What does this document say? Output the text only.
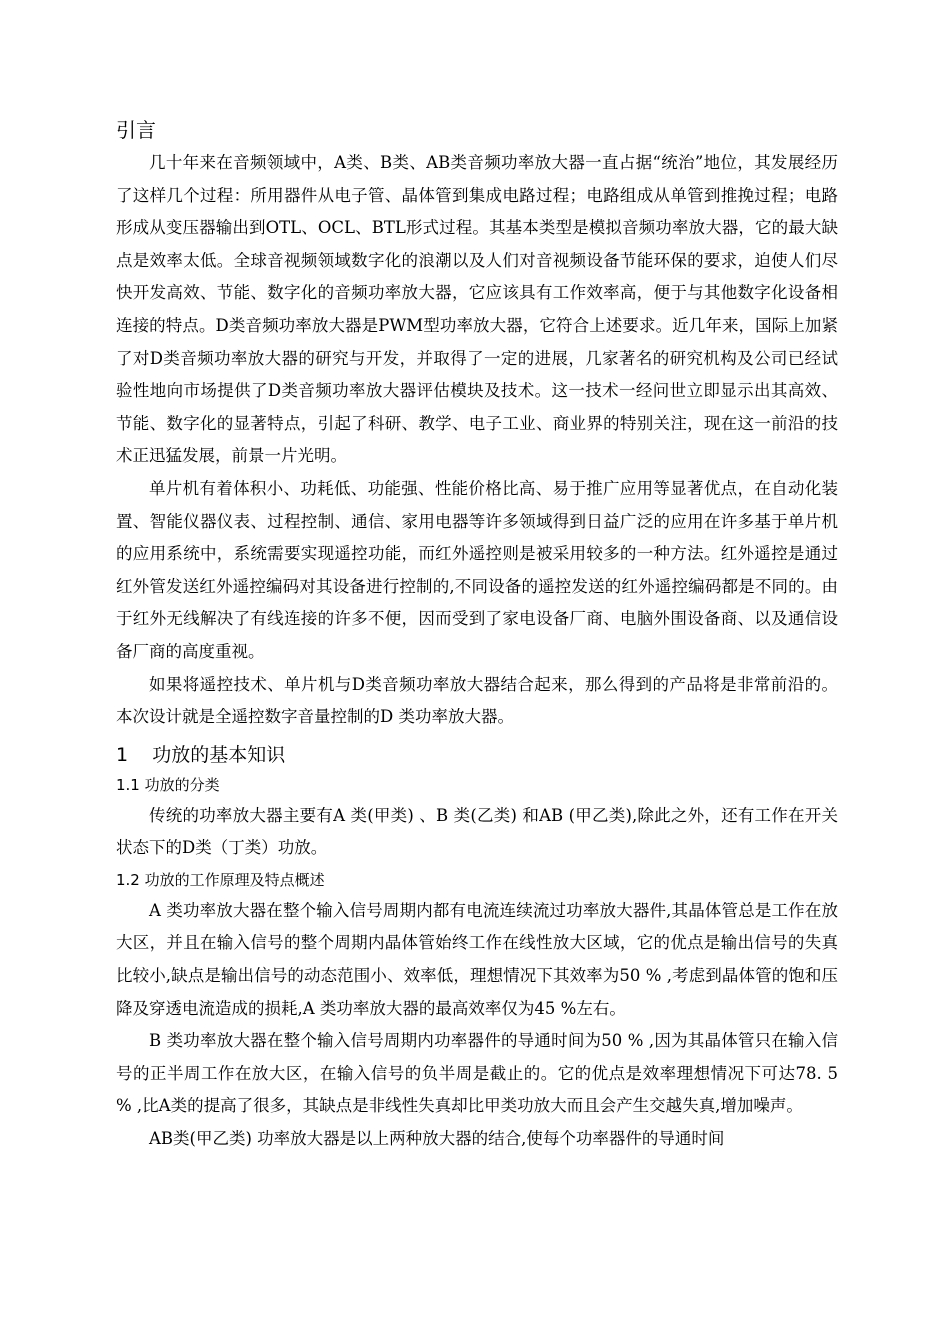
引言

几十年来在音频领域中，A类、B类、AB类音频功率放大器一直占据“统治”地位，其发展经历了这样几个过程：所用器件从电子管、晶体管到集成电路过程；电路组成从单管到推挽过程；电路形成从变压器输出到OTL、OCL、BTL形式过程。其基本类型是模拟音频功率放大器，它的最大缺点是效率太低。全球音视频领域数字化的浪潮以及人们对音视频设备节能环保的要求，迫使人们尽快开发高效、节能、数字化的音频功率放大器，它应该具有工作效率高，便于与其他数字化设备相连接的特点。D类音频功率放大器是PWM型功率放大器，它符合上述要求。近几年来，国际上加紧了对D类音频功率放大器的研究与开发，并取得了一定的进展，几家著名的研究机构及公司已经试验性地向市场提供了D类音频功率放大器评估模块及技术。这一技术一经问世立即显示出其高效、节能、数字化的显著特点，引起了科研、教学、电子工业、商业界的特别关注，现在这一前沿的技术正迅猛发展，前景一片光明。

单片机有着体积小、功耗低、功能强、性能价格比高、易于推广应用等显著优点，在自动化装置、智能仪器仪表、过程控制、通信、家用电器等许多领域得到日益广泛的应用在许多基于单片机的应用系统中，系统需要实现遥控功能，而红外遥控则是被采用较多的一种方法。红外遥控是通过红外管发送红外遥控编码对其设备进行控制的,不同设备的遥控发送的红外遥控编码都是不同的。由于红外无线解决了有线连接的许多不便，因而受到了家电设备厂商、电脑外围设备商、以及通信设备厂商的高度重视。

如果将遥控技术、单片机与D类音频功率放大器结合起来，那么得到的产品将是非常前沿的。本次设计就是全遥控数字音量控制的D 类功率放大器。

1    功放的基本知识
1.1 功放的分类

传统的功率放大器主要有A 类(甲类) 、B 类(乙类) 和AB (甲乙类),除此之外，还有工作在开关状态下的D类（丁类）功放。

1.2 功放的工作原理及特点概述

A 类功率放大器在整个输入信号周期内都有电流连续流过功率放大器件,其晶体管总是工作在放大区，并且在输入信号的整个周期内晶体管始终工作在线性放大区域，它的优点是输出信号的失真比较小,缺点是输出信号的动态范围小、效率低，理想情况下其效率为50 % ,考虑到晶体管的饱和压降及穿透电流造成的损耗,A 类功率放大器的最高效率仅为45 %左右。

B 类功率放大器在整个输入信号周期内功率器件的导通时间为50 % ,因为其晶体管只在输入信号的正半周工作在放大区，在输入信号的负半周是截止的。它的优点是效率理想情况下可达78. 5 % ,比A类的提高了很多，其缺点是非线性失真却比甲类功放大而且会产生交越失真,增加噪声。

AB类(甲乙类) 功率放大器是以上两种放大器的结合,使每个功率器件的导通时间
